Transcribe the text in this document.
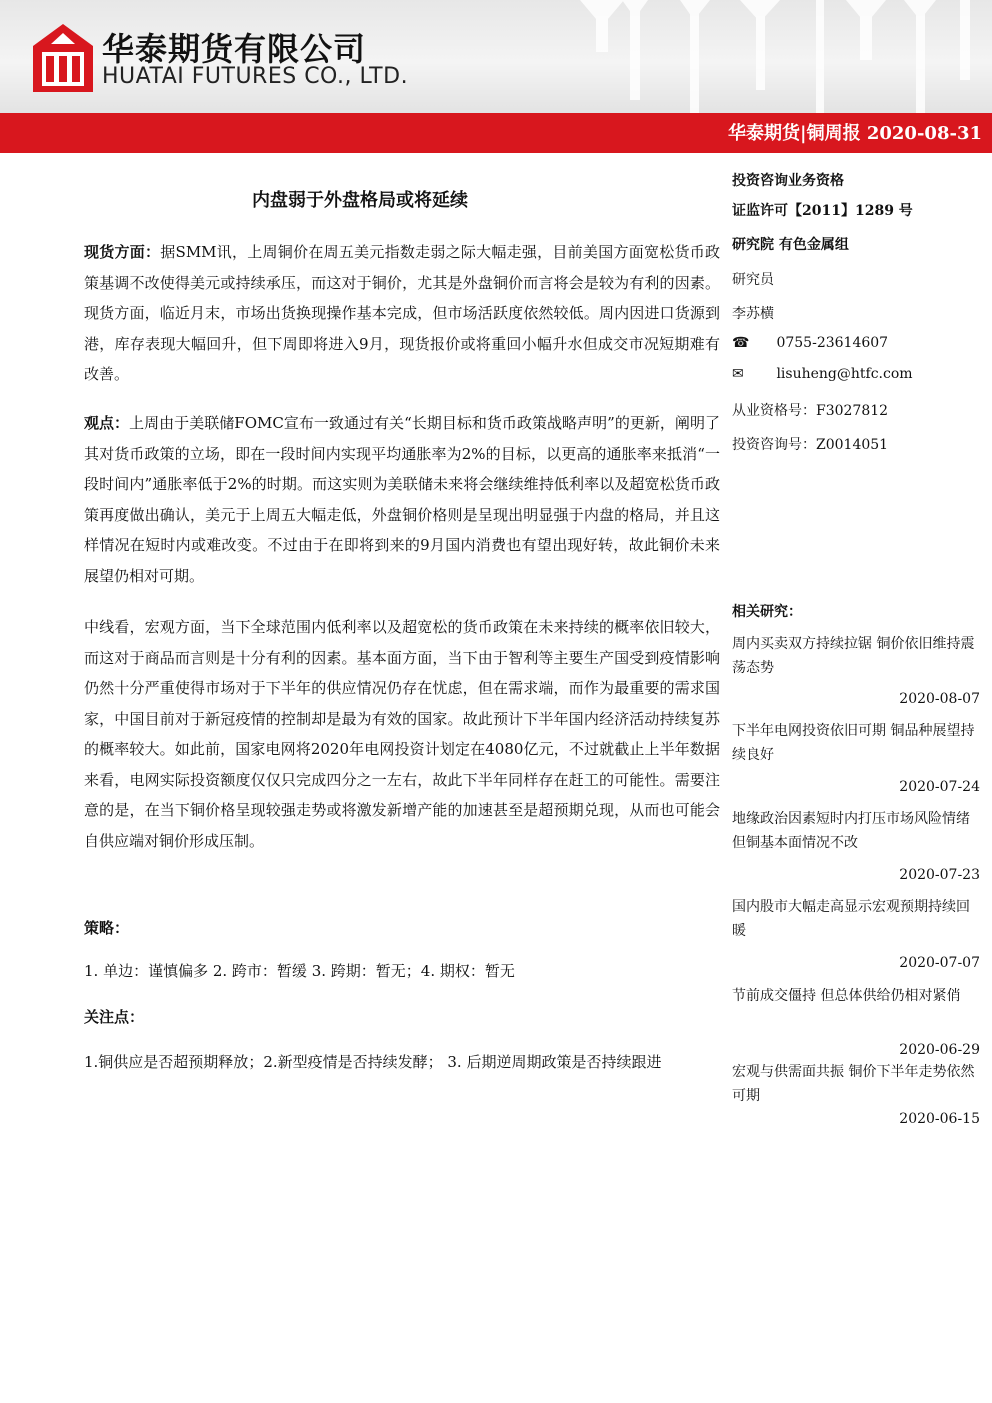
华泰期货有限公司
HUATAI FUTURES CO., LTD.
华泰期货|铜周报 2020-08-31
内盘弱于外盘格局或将延续

现货方面：据SMM讯，上周铜价在周五美元指数走弱之际大幅走强，目前美国方面宽松货币政策基调不改使得美元或持续承压，而这对于铜价，尤其是外盘铜价而言将会是较为有利的因素。现货方面，临近月末，市场出货换现操作基本完成，但市场活跃度依然较低。周内因进口货源到港，库存表现大幅回升，但下周即将进入9月，现货报价或将重回小幅升水但成交市况短期难有改善。

观点：上周由于美联储FOMC宣布一致通过有关“长期目标和货币政策战略声明”的更新，阐明了其对货币政策的立场，即在一段时间内实现平均通胀率为2%的目标，以更高的通胀率来抵消“一段时间内”通胀率低于2%的时期。而这实则为美联储未来将会继续维持低利率以及超宽松货币政策再度做出确认，美元于上周五大幅走低，外盘铜价格则是呈现出明显强于内盘的格局，并且这样情况在短时内或难改变。不过由于在即将到来的9月国内消费也有望出现好转，故此铜价未来展望仍相对可期。

中线看，宏观方面，当下全球范围内低利率以及超宽松的货币政策在未来持续的概率依旧较大，而这对于商品而言则是十分有利的因素。基本面方面，当下由于智利等主要生产国受到疫情影响仍然十分严重使得市场对于下半年的供应情况仍存在忧虑，但在需求端，而作为最重要的需求国家，中国目前对于新冠疫情的控制却是最为有效的国家。故此预计下半年国内经济活动持续复苏的概率较大。如此前，国家电网将2020年电网投资计划定在4080亿元，不过就截止上半年数据来看，电网实际投资额度仅仅只完成四分之一左右，故此下半年同样存在赶工的可能性。需要注意的是，在当下铜价格呈现较强走势或将激发新增产能的加速甚至是超预期兑现，从而也可能会自供应端对铜价形成压制。

策略：

1. 单边：谨慎偏多 2. 跨市：暂缓 3. 跨期：暂无；4. 期权：暂无

关注点：

1.铜供应是否超预期释放；2.新型疫情是否持续发酵； 3. 后期逆周期政策是否持续跟进

投资咨询业务资格
证监许可【2011】1289 号
研究院 有色金属组
研究员
李苏横
☎ 0755-23614607
✉ lisuheng@htfc.com
从业资格号：F3027812
投资咨询号：Z0014051
相关研究：
周内买卖双方持续拉锯 铜价依旧维持震荡态势
2020-08-07
下半年电网投资依旧可期 铜品种展望持续良好
2020-07-24
地缘政治因素短时内打压市场风险情绪 但铜基本面情况不改
2020-07-23
国内股市大幅走高显示宏观预期持续回暖
2020-07-07
节前成交僵持 但总体供给仍相对紧俏
2020-06-29
宏观与供需面共振 铜价下半年走势依然可期
2020-06-15
